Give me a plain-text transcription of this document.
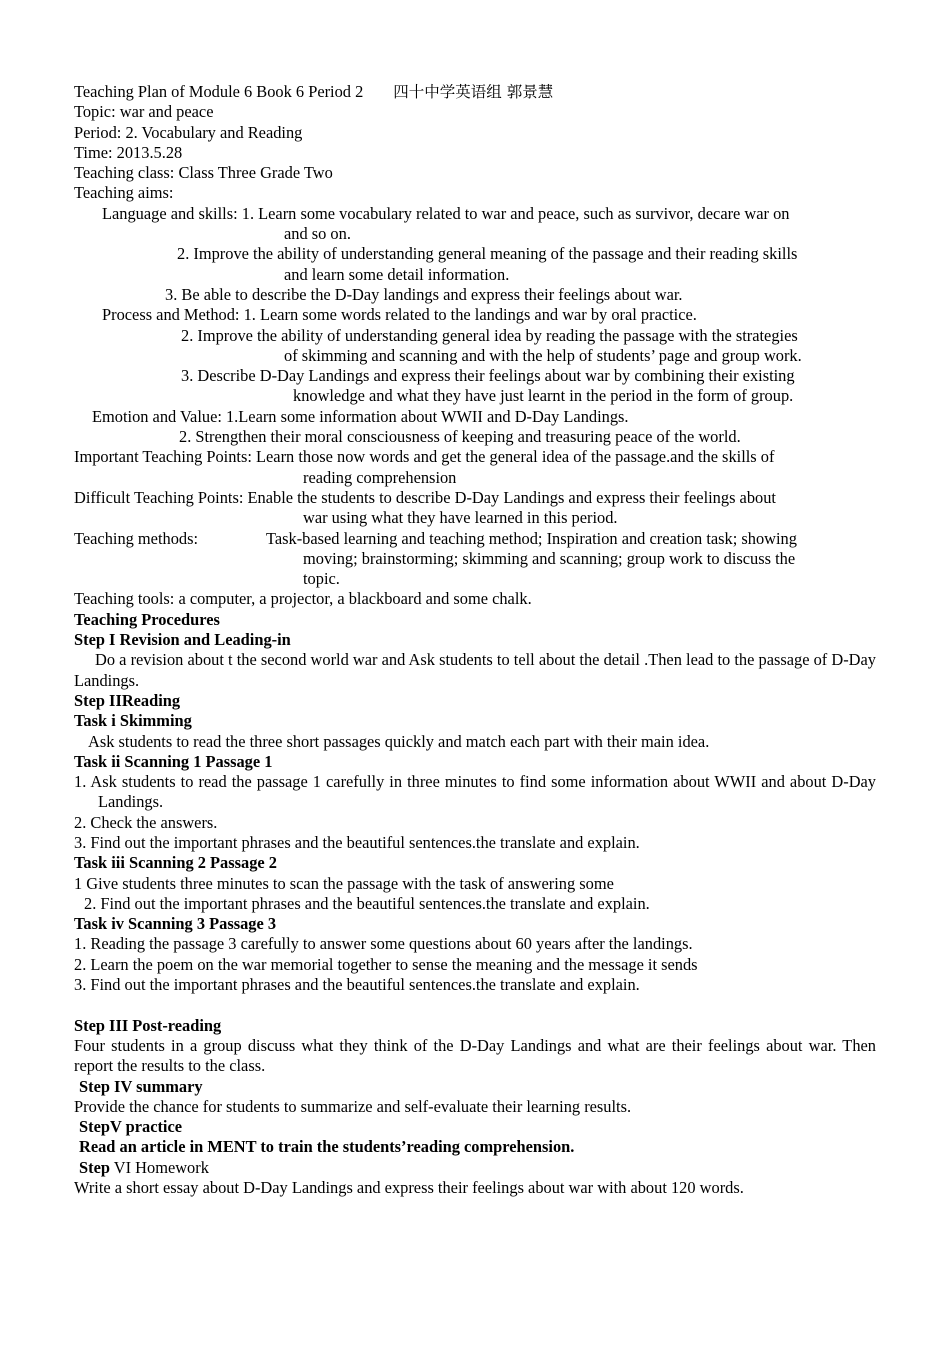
Teaching Plan of Module 6 Book 6 Period 2 四十中学英语组 郭景慧
Topic: war and peace
Period: 2. Vocabulary and Reading
Time: 2013.5.28
Teaching class: Class Three Grade Two
Teaching aims:
Language and skills: 1. Learn some vocabulary related to war and peace, such as survivor, decare war on
and so on.
2. Improve the ability of understanding general meaning of the passage and their reading skills
and learn some detail information.
3. Be able to describe the D-Day landings and express their feelings about war.
Process and Method: 1. Learn some words related to the landings and war by oral practice.
2. Improve the ability of understanding general idea by reading the passage with the strategies
of skimming and scanning and with the help of students’ page and group work.
3. Describe D-Day Landings and express their feelings about war by combining their existing
knowledge and what they have just learnt in the period in the form of group.
Emotion and Value: 1.Learn some information about WWII and D-Day Landings.
2. Strengthen their moral consciousness of keeping and treasuring peace of the world.
Important Teaching Points: Learn those now words and get the general idea of the passage.and the skills of
reading comprehension
Difficult Teaching Points: Enable the students to describe D-Day Landings and express their feelings about
war using what they have learned in this period.
Teaching methods:	Task-based learning and teaching method; Inspiration and creation task; showing
moving; brainstorming; skimming and scanning; group work to discuss the
topic.
Teaching tools: a computer, a projector, a blackboard and some chalk.
Teaching Procedures
Step I Revision and Leading-in
Do a revision about t the second world war and Ask students to tell about the detail .Then lead to the passage of D-Day Landings.
Step IIReading
Task i Skimming
Ask students to read the three short passages quickly and match each part with their main idea.
Task ii Scanning 1 Passage 1
1. Ask students to read the passage 1 carefully in three minutes to find some information about WWII and about D-Day Landings.
2. Check the answers.
3. Find out the important phrases and the beautiful sentences.the translate and explain.
Task iii Scanning 2 Passage 2
1 Give students three minutes to scan the passage with the task of answering some
2. Find out the important phrases and the beautiful sentences.the translate and explain.
Task iv Scanning 3 Passage 3
1. Reading the passage 3 carefully to answer some questions about 60 years after the landings.
2. Learn the poem on the war memorial together to sense the meaning and the message it sends
3. Find out the important phrases and the beautiful sentences.the translate and explain.
Step III Post-reading
Four students in a group discuss what they think of the D-Day Landings and what are their feelings about war. Then report the results to the class.
Step IV summary
Provide the chance for students to summarize and self-evaluate their learning results.
StepV practice
Read an article in MENT to train the students’reading comprehension.
Step VI Homework
Write a short essay about D-Day Landings and express their feelings about war with about 120 words.
